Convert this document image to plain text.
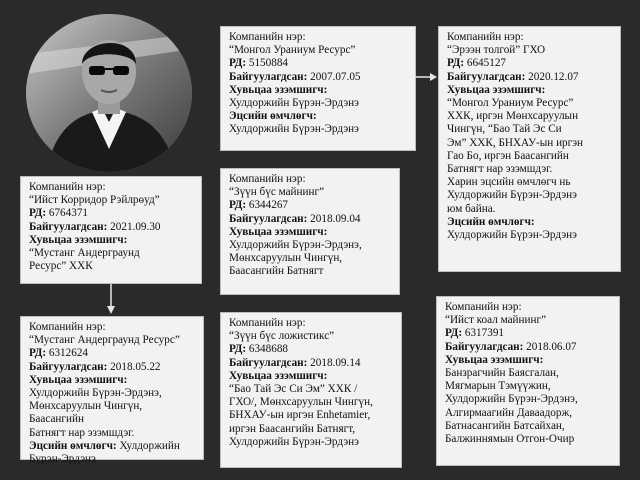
Компанийн нэр:
“Монгол Ураниум Ресурс”
РД: 5150884
Байгуулагдсан: 2007.07.05
Хувьцаа эзэмшигч:
Хулдоржийн Бүрэн-Эрдэнэ
Эцсийн өмчлөгч:
Хулдоржийн Бүрэн-Эрдэнэ
Компанийн нэр:
“Эрээн толгой” ГХО
РД: 6645127
Байгуулагдсан: 2020.12.07
Хувьцаа эзэмшигч:
“Монгол Ураниум Ресурс”
ХХК, иргэн Мөнхсаруулын
Чингүн, “Бао Тай Эс Си
Эм” ХХК, БНХАУ-ын иргэн
Гао Бо, иргэн Баасангийн
Батнягт нар эзэмшдэг.
Харин эцсийн өмчлөгч нь
Хулдоржийн Бүрэн-Эрдэнэ
юм байна.
Эцсийн өмчлөгч:
Хулдоржийн Бүрэн-Эрдэнэ
Компанийн нэр:
“Ийст Корридор Рэйлрөуд”
РД: 6764371
Байгуулагдсан: 2021.09.30
Хувьцаа эзэмшигч:
“Мустанг Андерграунд
Ресурс” ХХК
Компанийн нэр:
“Зүүн бүс майнинг”
РД: 6344267
Байгуулагдсан: 2018.09.04
Хувьцаа эзэмшигч:
Хулдоржийн Бүрэн-Эрдэнэ,
Мөнхсаруулын Чингүн,
Баасангийн Батнягт
Компанийн нэр:
“Мустанг Андерграунд Ресурс”
РД: 6312624
Байгуулагдсан: 2018.05.22
Хувьцаа эзэмшигч:
Хулдоржийн Бүрэн-Эрдэнэ,
Мөнхсаруулын Чингүн, Баасангийн
Батнягт нар эзэмшдэг.
Эцсийн өмчлөгч: Хулдоржийн
Бүрэн-Эрдэнэ
Компанийн нэр:
“Зүүн бүс ложистикс”
РД: 6348688
Байгуулагдсан: 2018.09.14
Хувьцаа эзэмшигч:
“Бао Тай Эс Си Эм” ХХК /
ГХО/, Мөнхсаруулын Чингүн,
БНХАУ-ын иргэн Enhetamier,
иргэн Баасангийн Батнягт,
Хулдоржийн Бүрэн-Эрдэнэ
Компанийн нэр:
“Ийст коал майнинг”
РД: 6317391
Байгуулагдсан: 2018.06.07
Хувьцаа эзэмшигч:
Банзрагчийн Баясгалан,
Мягмарын Тэмүүжин,
Хулдоржийн Бүрэн-Эрдэнэ,
Алгирмаагийн Даваадорж,
Батнасангийн Батсайхан,
Балжиннямын Отгон-Очир
